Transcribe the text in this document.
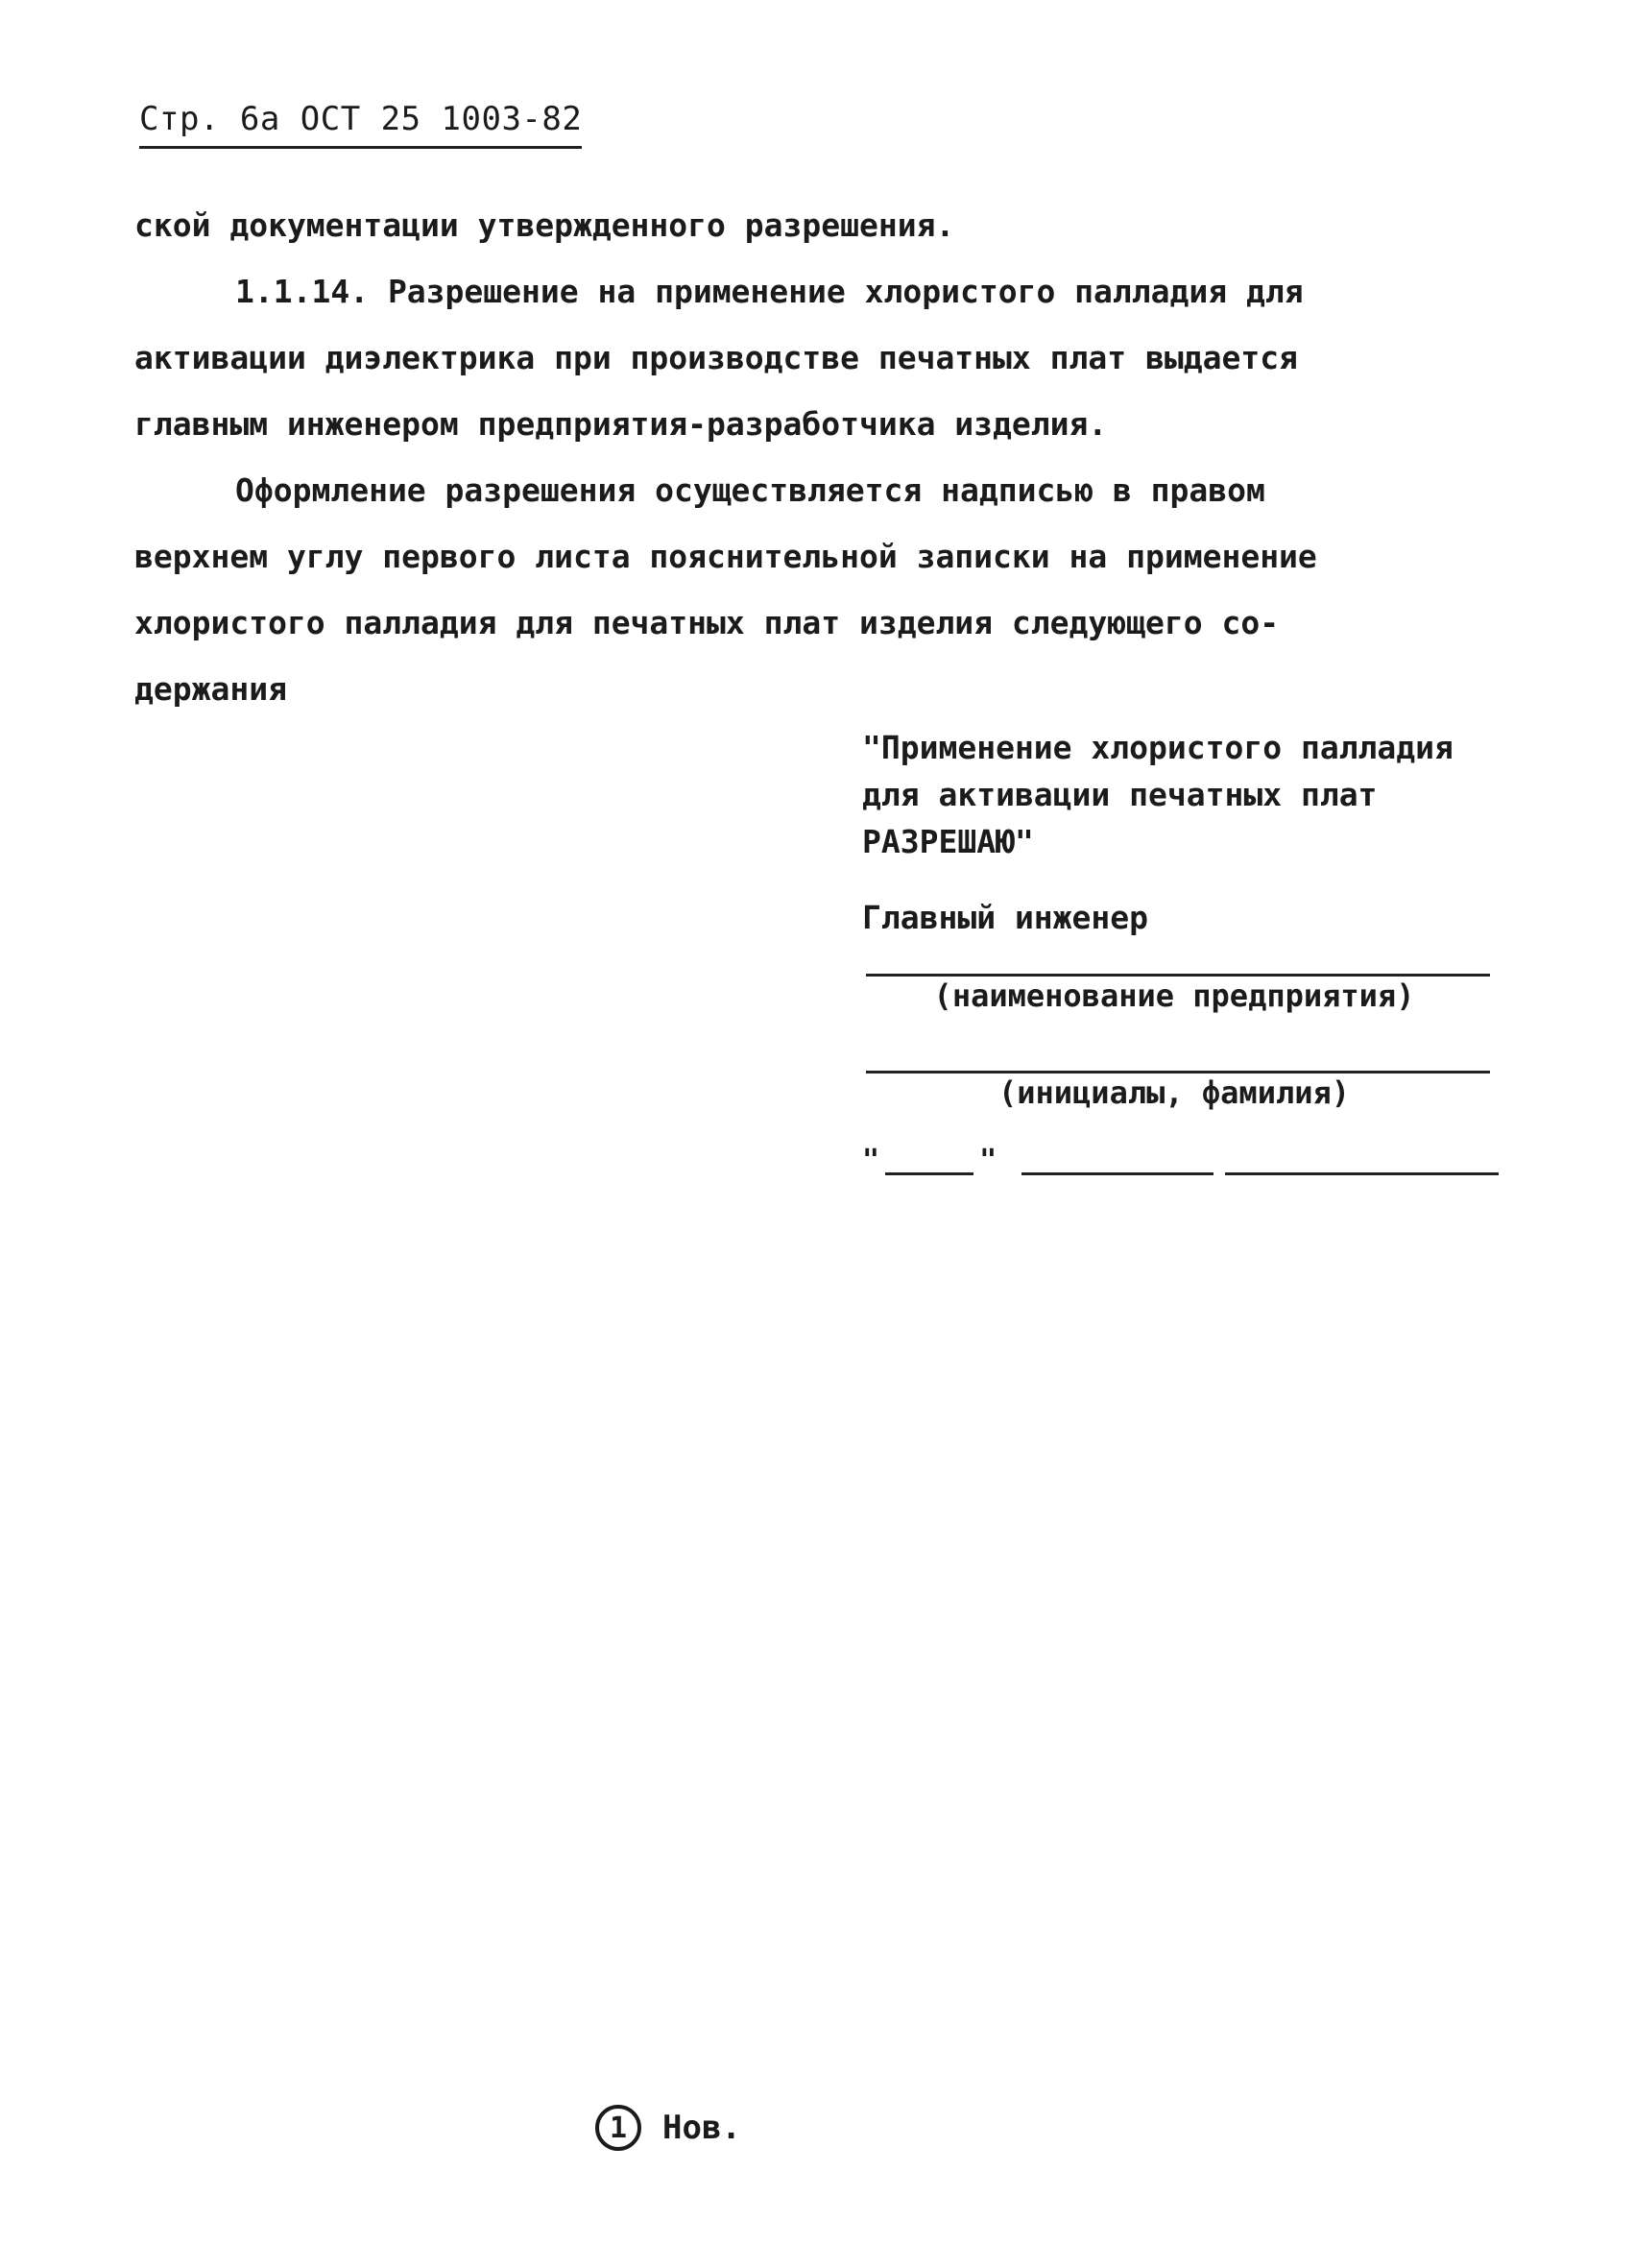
Стр. 6а ОСТ 25 1003-82
ской документации утвержденного разрешения.
1.1.14. Разрешение на применение хлористого палладия для
активации диэлектрика при производстве печатных плат выдается
главным инженером предприятия-разработчика изделия.
Оформление разрешения осуществляется надписью в правом
верхнем углу первого листа пояснительной записки на применение
хлористого палладия для печатных плат изделия следующего со-
держания
"Применение хлористого палладия
для активации печатных плат
РАЗРЕШАЮ"
Главный инженер
(наименование предприятия)
(инициалы, фамилия)
"	"
1 Нов.
